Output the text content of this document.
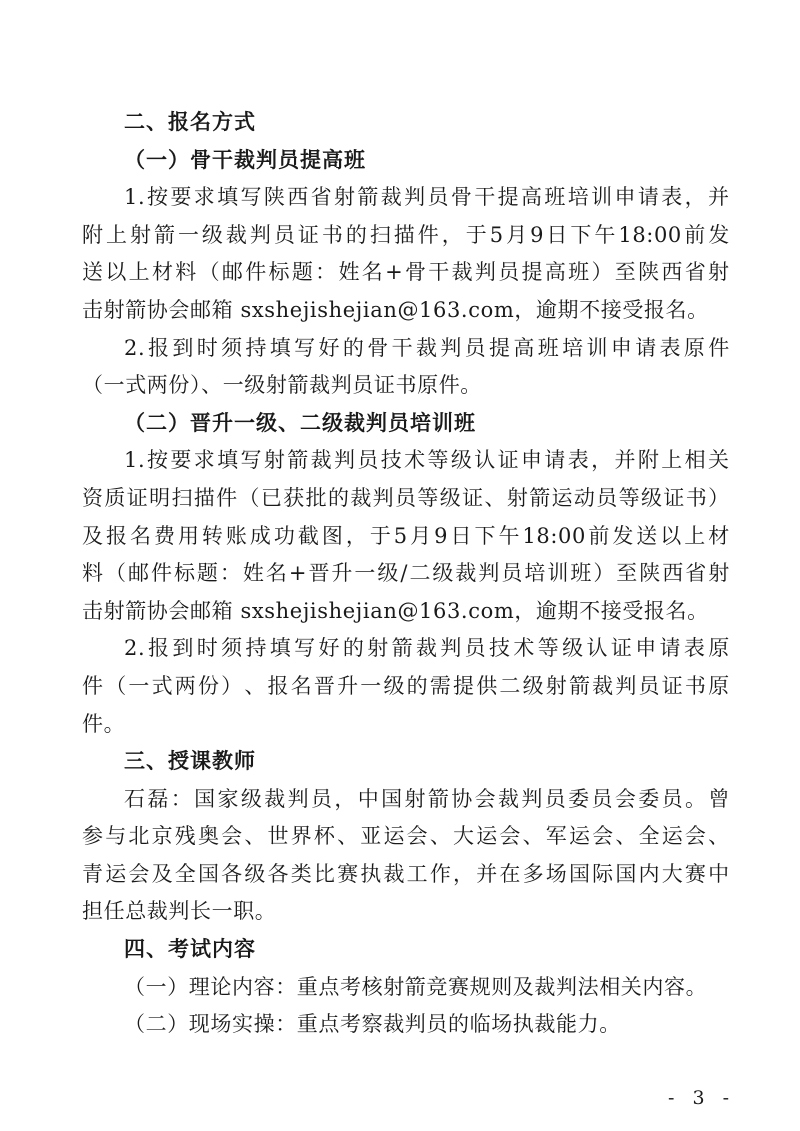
二、报名方式
（一）骨干裁判员提高班
1. 按 要 求 填 写 陕 西 省 射 箭 裁 判 员 骨 干 提 高 班 培 训 申 请 表 ， 并
附 上 射 箭 一 级 裁 判 员 证 书 的 扫 描 件 ， 于 5 月 9 日 下 午 18:00 前 发
送 以 上 材 料 （ 邮 件 标 题 ： 姓 名 + 骨 干 裁 判 员 提 高 班 ） 至 陕 西 省 射
击射箭协会邮箱 sxshejishejian@163.com，逾期不接受报名。
2. 报 到 时 须 持 填 写 好 的 骨 干 裁 判 员 提 高 班 培 训 申 请 表 原 件
（一式两份）、一级射箭裁判员证书原件。
（二）晋升一级、二级裁判员培训班
1. 按 要 求 填 写 射 箭 裁 判 员 技 术 等 级 认 证 申 请 表 ， 并 附 上 相 关
资 质 证 明 扫 描 件 （ 已 获 批 的 裁 判 员 等 级 证 、 射 箭 运 动 员 等 级 证 书 ）
及 报 名 费 用 转 账 成 功 截 图 ， 于 5 月 9 日 下 午 18:00 前 发 送 以 上 材
料 （ 邮 件 标 题 ： 姓 名 + 晋 升 一 级 / 二 级 裁 判 员 培 训 班 ） 至 陕 西 省 射
击射箭协会邮箱 sxshejishejian@163.com，逾期不接受报名。
2. 报 到 时 须 持 填 写 好 的 射 箭 裁 判 员 技 术 等 级 认 证 申 请 表 原
件 （ 一 式 两 份 ） 、 报 名 晋 升 一 级 的 需 提 供 二 级 射 箭 裁 判 员 证 书 原
件。
三、授课教师
石 磊 ： 国 家 级 裁 判 员 ， 中 国 射 箭 协 会 裁 判 员 委 员 会 委 员 。 曾
参 与 北 京 残 奥 会 、 世 界 杯 、 亚 运 会 、 大 运 会 、 军 运 会 、 全 运 会 、
青 运 会 及 全 国 各 级 各 类 比 赛 执 裁 工 作 ， 并 在 多 场 国 际 国 内 大 赛 中
担任总裁判长一职。
四、考试内容
（一）理论内容：重点考核射箭竞赛规则及裁判法相关内容。
（二）现场实操：重点考察裁判员的临场执裁能力。
- 3 -
